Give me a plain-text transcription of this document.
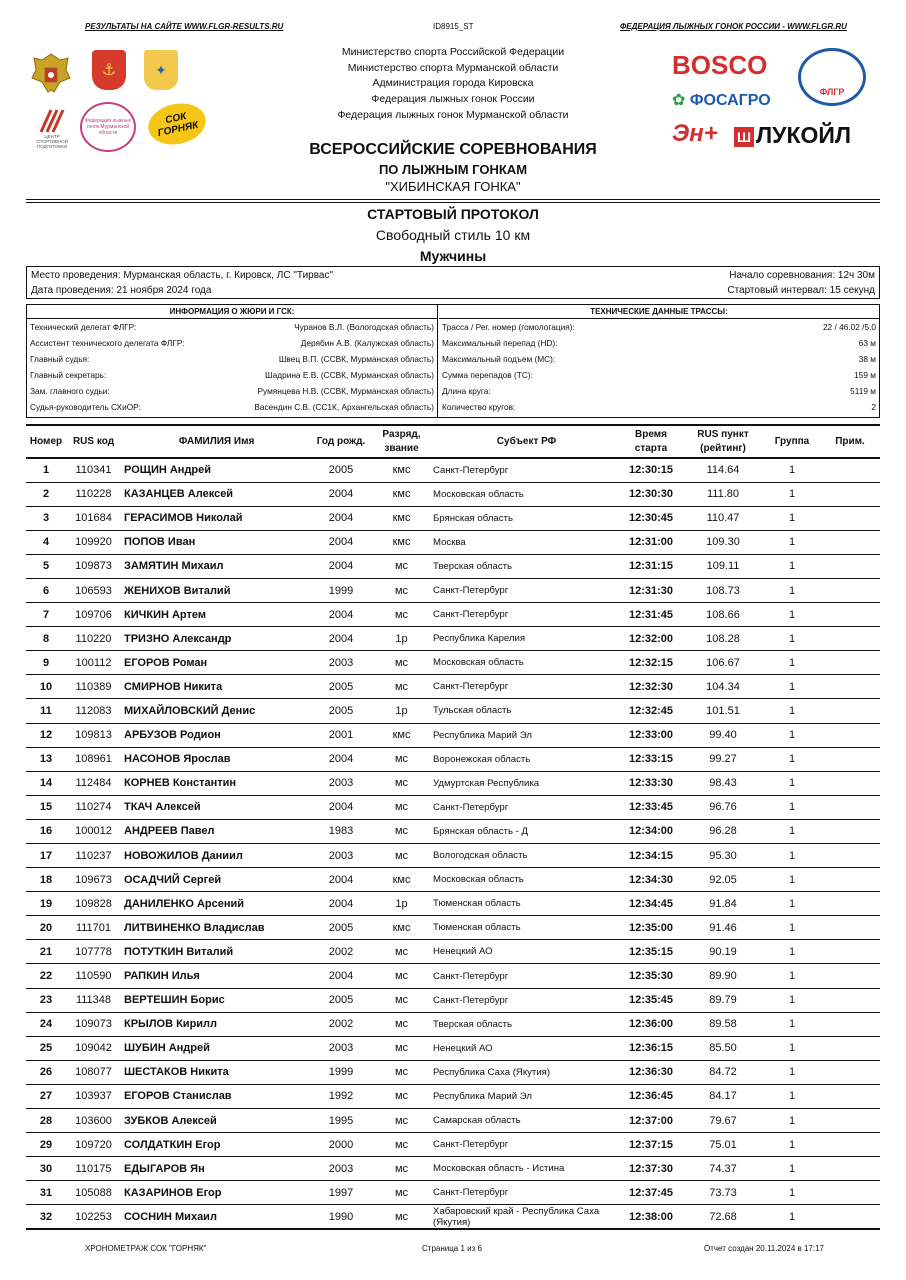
РЕЗУЛЬТАТЫ НА САЙТЕ WWW.FLGR-RESULTS.RU	ID8915_ST	ФЕДЕРАЦИЯ ЛЫЖНЫХ ГОНОК РОССИИ - WWW.FLGR.RU
⚓	✦
ЦЕНТР СПОРТИВНОЙ ПОДГОТОВКИ
Федерация лыжных гонок Мурманской области
СОК ГОРНЯК
Министерство спорта Российской Федерации
Министерство спорта Мурманской области
Администрация города Кировска
Федерация лыжных гонок России
Федерация лыжных гонок Мурманской области
BOSCO
ФЛГР
✿ ФОСАГРО
Эн+ Ш ЛУКОЙЛ
ВСЕРОССИЙСКИЕ СОРЕВНОВАНИЯ
ПО ЛЫЖНЫМ ГОНКАМ
"ХИБИНСКАЯ ГОНКА"
СТАРТОВЫЙ ПРОТОКОЛ
Свободный стиль 10 км
Мужчины
Место проведения: Мурманская область, г. Кировск, ЛС "Тирвас"	Начало соревнования: 12ч 30м
Дата проведения: 21 ноября 2024 года	Стартовый интервал: 15 секунд
ИНФОРМАЦИЯ О ЖЮРИ И ГСК:
Технический делегат ФЛГР:	Чуранов В.Л. (Вологодская область)
Ассистент технического делегата ФЛГР:	Дерябин А.В. (Калужская область)
Главный судья:	Швец В.П. (ССВК, Мурманская область)
Главный секретарь:	Шадрина Е.В. (ССВК, Мурманская область)
Зам. главного судьи:	Румянцева Н.В. (ССВК, Мурманская область)
Судья-руководитель СХиОР:	Васендин С.В. (СС1К, Архангельская область)
ТЕХНИЧЕСКИЕ ДАННЫЕ ТРАССЫ:
Трасса / Рег. номер (гомологация):	22 / 46.02 /5.0
Максимальный перепад (HD):	63 м
Максимальный подъем (MC):	38 м
Сумма перепадов (TC):	159 м
Длина круга:	5119 м
Количество кругов:	2
Номер	RUS код	ФАМИЛИЯ Имя	Год рожд.	Разряд, звание	Субъект РФ	Время старта	RUS пункт (рейтинг)	Группа	Прим.
1	110341	РОЩИН Андрей	2005	кмс	Санкт-Петербург	12:30:15	114.64	1	
2	110228	КАЗАНЦЕВ Алексей	2004	кмс	Московская область	12:30:30	111.80	1	
3	101684	ГЕРАСИМОВ Николай	2004	кмс	Брянская область	12:30:45	110.47	1	
4	109920	ПОПОВ Иван	2004	кмс	Москва	12:31:00	109.30	1	
5	109873	ЗАМЯТИН Михаил	2004	мс	Тверская область	12:31:15	109.11	1	
6	106593	ЖЕНИХОВ Виталий	1999	мс	Санкт-Петербург	12:31:30	108.73	1	
7	109706	КИЧКИН Артем	2004	мс	Санкт-Петербург	12:31:45	108.66	1	
8	110220	ТРИЗНО Александр	2004	1р	Республика Карелия	12:32:00	108.28	1	
9	100112	ЕГОРОВ Роман	2003	мс	Московская область	12:32:15	106.67	1	
10	110389	СМИРНОВ Никита	2005	мс	Санкт-Петербург	12:32:30	104.34	1	
11	112083	МИХАЙЛОВСКИЙ Денис	2005	1р	Тульская область	12:32:45	101.51	1	
12	109813	АРБУЗОВ Родион	2001	кмс	Республика Марий Эл	12:33:00	99.40	1	
13	108961	НАСОНОВ Ярослав	2004	мс	Воронежская область	12:33:15	99.27	1	
14	112484	КОРНЕВ Константин	2003	мс	Удмуртская Республика	12:33:30	98.43	1	
15	110274	ТКАЧ Алексей	2004	мс	Санкт-Петербург	12:33:45	96.76	1	
16	100012	АНДРЕЕВ Павел	1983	мс	Брянская область - Д	12:34:00	96.28	1	
17	110237	НОВОЖИЛОВ Даниил	2003	мс	Вологодская область	12:34:15	95.30	1	
18	109673	ОСАДЧИЙ Сергей	2004	кмс	Московская область	12:34:30	92.05	1	
19	109828	ДАНИЛЕНКО Арсений	2004	1р	Тюменская область	12:34:45	91.84	1	
20	111701	ЛИТВИНЕНКО Владислав	2005	кмс	Тюменская область	12:35:00	91.46	1	
21	107778	ПОТУТКИН Виталий	2002	мс	Ненецкий АО	12:35:15	90.19	1	
22	110590	РАПКИН Илья	2004	мс	Санкт-Петербург	12:35:30	89.90	1	
23	111348	ВЕРТЕШИН Борис	2005	мс	Санкт-Петербург	12:35:45	89.79	1	
24	109073	КРЫЛОВ Кирилл	2002	мс	Тверская область	12:36:00	89.58	1	
25	109042	ШУБИН Андрей	2003	мс	Ненецкий АО	12:36:15	85.50	1	
26	108077	ШЕСТАКОВ Никита	1999	мс	Республика Саха (Якутия)	12:36:30	84.72	1	
27	103937	ЕГОРОВ Станислав	1992	мс	Республика Марий Эл	12:36:45	84.17	1	
28	103600	ЗУБКОВ Алексей	1995	мс	Самарская область	12:37:00	79.67	1	
29	109720	СОЛДАТКИН Егор	2000	мс	Санкт-Петербург	12:37:15	75.01	1	
30	110175	ЕДЫГАРОВ Ян	2003	мс	Московская область - Истина	12:37:30	74.37	1	
31	105088	КАЗАРИНОВ Егор	1997	мс	Санкт-Петербург	12:37:45	73.73	1	
32	102253	СОСНИН Михаил	1990	мс	Хабаровский край - Республика Саха (Якутия)	12:38:00	72.68	1	
ХРОНОМЕТРАЖ СОК "ГОРНЯК"	Страница 1 из 6	Отчет создан 20.11.2024 в 17:17
